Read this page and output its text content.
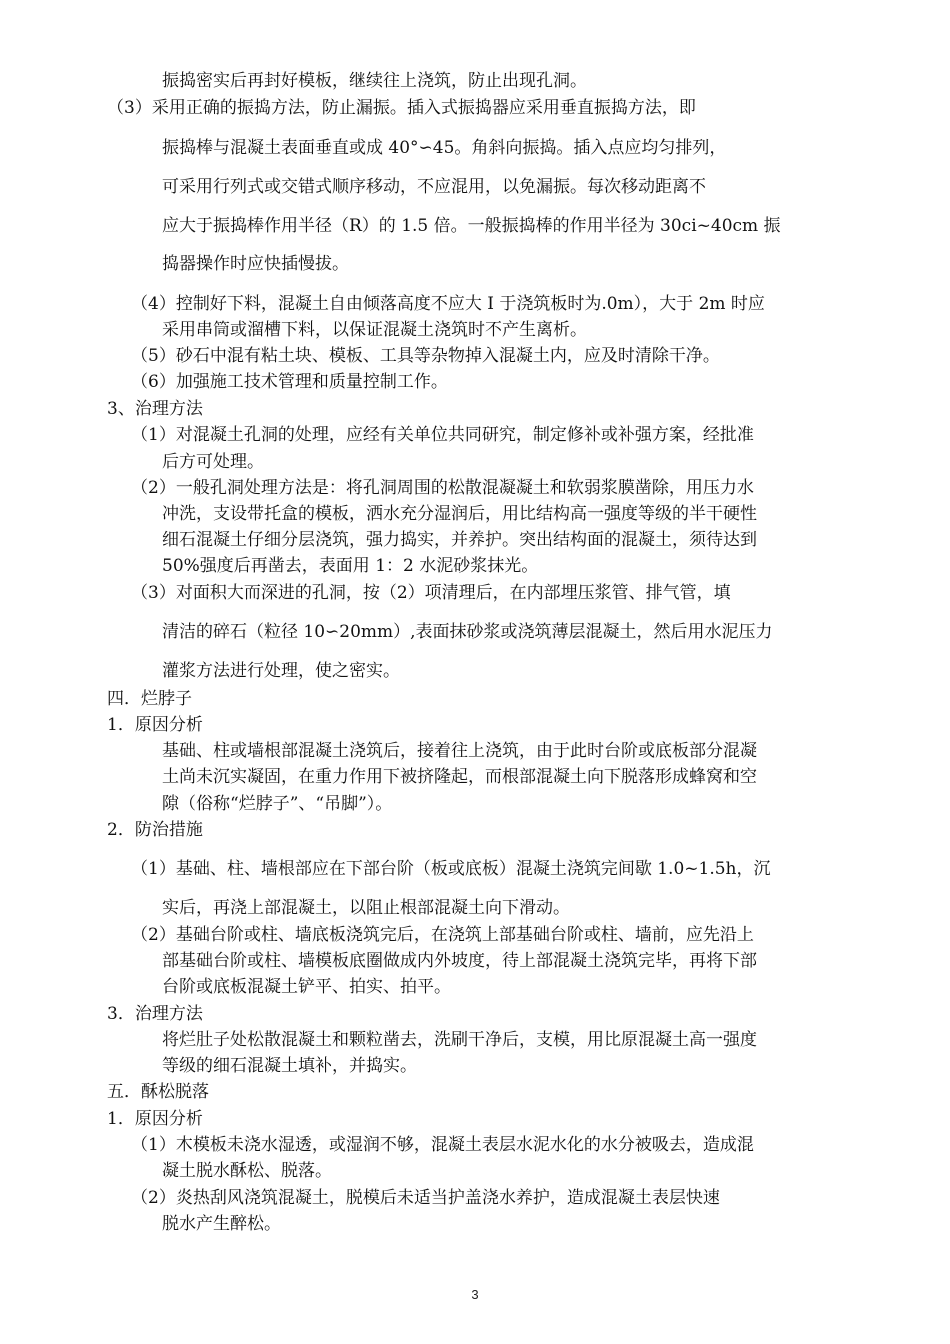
振捣密实后再封好模板，继续往上浇筑，防止出现孔洞。
（3）采用正确的振捣方法，防止漏振。插入式振捣器应采用垂直振捣方法，即
振捣棒与混凝土表面垂直或成 40°∽45。角斜向振捣。插入点应均匀排列，
可采用行列式或交错式顺序移动，不应混用，以免漏振。每次移动距离不
应大于振捣棒作用半径（R）的 1.5 倍。一般振捣棒的作用半径为 30ci~40cm 振
捣器操作时应快插慢拔。
（4）控制好下料，混凝土自由倾落高度不应大 I 于浇筑板时为.0m），大于 2m 时应
采用串筒或溜槽下料，以保证混凝土浇筑时不产生离析。
（5）砂石中混有粘土块、模板、工具等杂物掉入混凝土内，应及时清除干净。
（6）加强施工技术管理和质量控制工作。
3、治理方法
（1）对混凝土孔洞的处理，应经有关单位共同研究，制定修补或补强方案，经批准
后方可处理。
（2）一般孔洞处理方法是：将孔洞周围的松散混凝凝土和软弱浆膜凿除，用压力水
冲洗，支设带托盒的模板，洒水充分湿润后，用比结构高一强度等级的半干硬性
细石混凝土仔细分层浇筑，强力捣实，并养护。突出结构面的混凝土，须待达到
50%强度后再凿去，表面用 1：2 水泥砂浆抹光。
（3）对面积大而深进的孔洞，按（2）项清理后，在内部埋压浆管、排气管，填
清洁的碎石（粒径 10∽20mm）,表面抹砂浆或浇筑薄层混凝土，然后用水泥压力
灌浆方法进行处理，使之密实。
四．烂脖子
1．原因分析
基础、柱或墙根部混凝土浇筑后，接着往上浇筑，由于此时台阶或底板部分混凝
土尚未沉实凝固，在重力作用下被挤隆起，而根部混凝土向下脱落形成蜂窝和空
隙（俗称“烂脖子”、“吊脚”）。
2．防治措施
（1）基础、柱、墙根部应在下部台阶（板或底板）混凝土浇筑完间歇 1.0~1.5h，沉
实后，再浇上部混凝土，以阻止根部混凝土向下滑动。
（2）基础台阶或柱、墙底板浇筑完后，在浇筑上部基础台阶或柱、墙前，应先沿上
部基础台阶或柱、墙模板底圈做成内外坡度，待上部混凝土浇筑完毕，再将下部
台阶或底板混凝土铲平、拍实、拍平。
3．治理方法
将烂肚子处松散混凝土和颗粒凿去，洗刷干净后，支模，用比原混凝土高一强度
等级的细石混凝土填补，并捣实。
五．酥松脱落
1．原因分析
（1）木模板未浇水湿透，或湿润不够，混凝土表层水泥水化的水分被吸去，造成混
凝土脱水酥松、脱落。
（2）炎热刮风浇筑混凝土，脱模后未适当护盖浇水养护，造成混凝土表层快速
脱水产生醉松。
3
